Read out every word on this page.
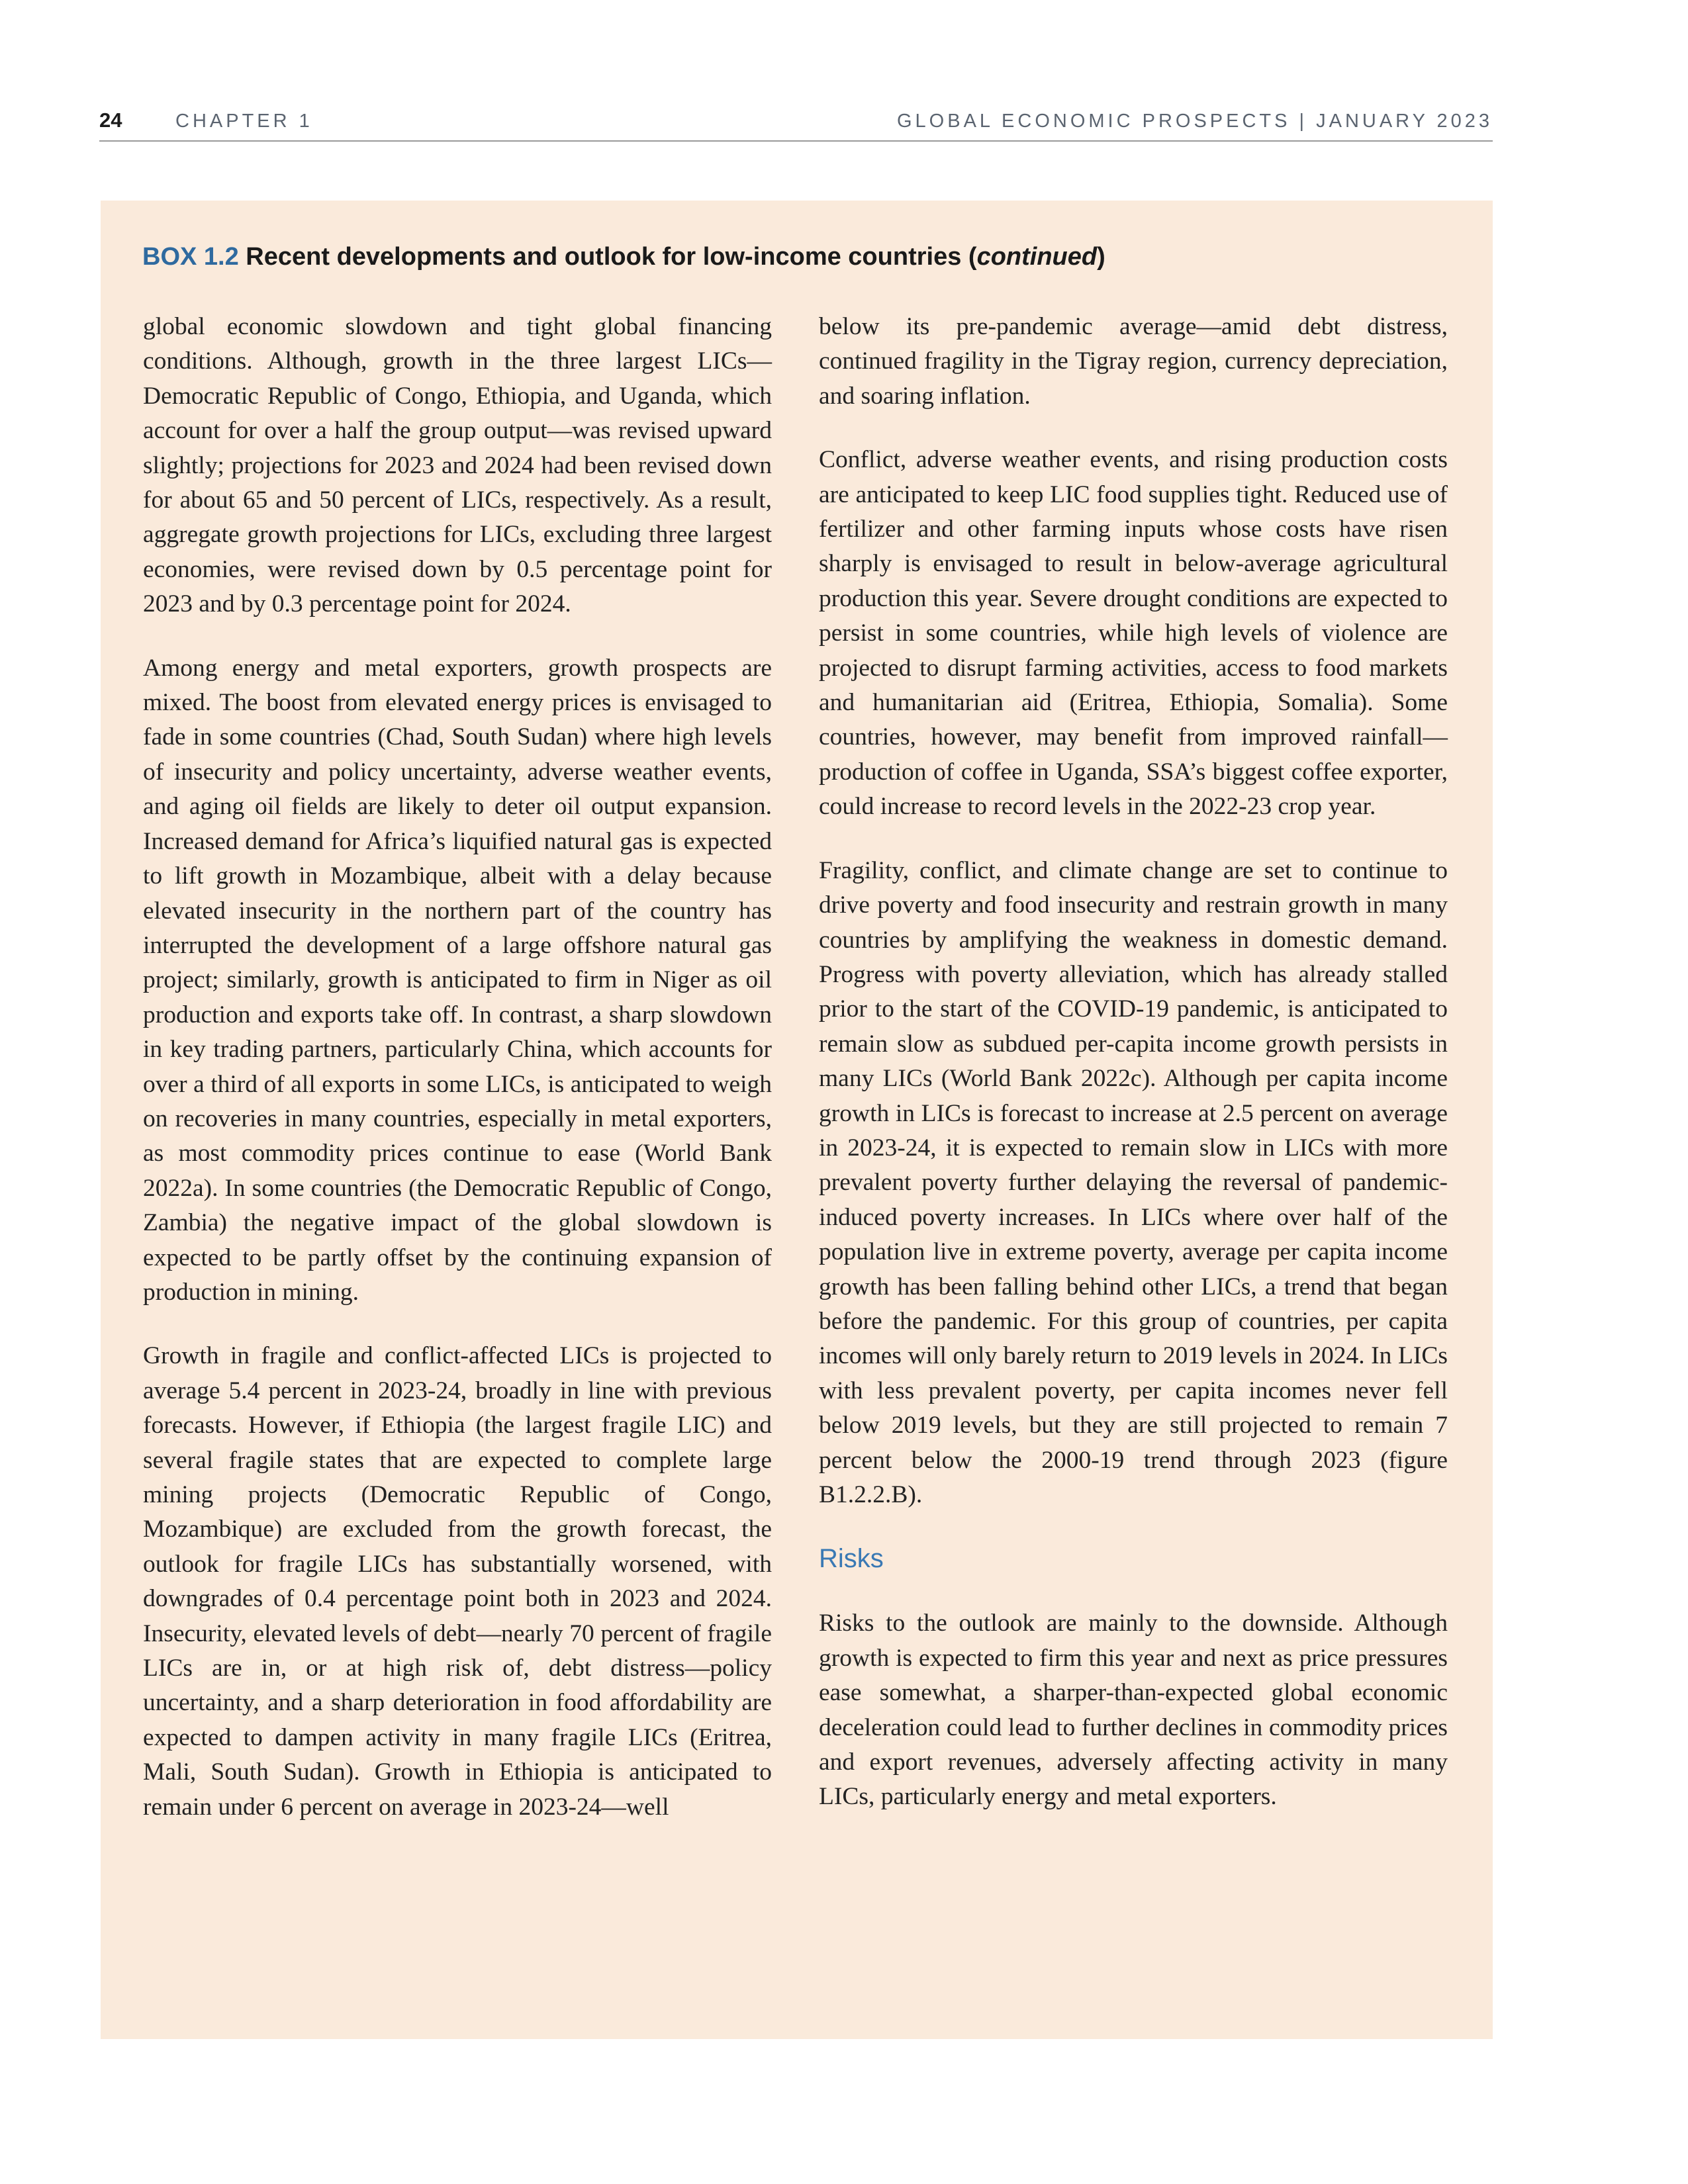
24	CHAPTER 1	GLOBAL ECONOMIC PROSPECTS | JANUARY 2023
BOX 1.2 Recent developments and outlook for low-income countries (continued)

global economic slowdown and tight global financing conditions. Although, growth in the three largest LICs—Democratic Republic of Congo, Ethiopia, and Uganda, which account for over a half the group output—was revised upward slightly; projections for 2023 and 2024 had been revised down for about 65 and 50 percent of LICs, respectively. As a result, aggregate growth projections for LICs, excluding three largest economies, were revised down by 0.5 percentage point for 2023 and by 0.3 percentage point for 2024.

Among energy and metal exporters, growth prospects are mixed. The boost from elevated energy prices is envisaged to fade in some countries (Chad, South Sudan) where high levels of insecurity and policy uncertainty, adverse weather events, and aging oil fields are likely to deter oil output expansion. Increased demand for Africa’s liquified natural gas is expected to lift growth in Mozambique, albeit with a delay because elevated insecurity in the northern part of the country has interrupted the development of a large offshore natural gas project; similarly, growth is anticipated to firm in Niger as oil production and exports take off. In contrast, a sharp slowdown in key trading partners, particularly China, which accounts for over a third of all exports in some LICs, is anticipated to weigh on recoveries in many countries, especially in metal exporters, as most commodity prices continue to ease (World Bank 2022a). In some countries (the Democratic Republic of Congo, Zambia) the negative impact of the global slowdown is expected to be partly offset by the continuing expansion of production in mining.

Growth in fragile and conflict-affected LICs is projected to average 5.4 percent in 2023-24, broadly in line with previous forecasts. However, if Ethiopia (the largest fragile LIC) and several fragile states that are expected to complete large mining projects (Democratic Republic of Congo, Mozambique) are excluded from the growth forecast, the outlook for fragile LICs has substantially worsened, with downgrades of 0.4 percentage point both in 2023 and 2024. Insecurity, elevated levels of debt—nearly 70 percent of fragile LICs are in, or at high risk of, debt distress—policy uncertainty, and a sharp deterioration in food affordability are expected to dampen activity in many fragile LICs (Eritrea, Mali, South Sudan). Growth in Ethiopia is anticipated to remain under 6 percent on average in 2023-24—well

below its pre-pandemic average—amid debt distress, continued fragility in the Tigray region, currency depreciation, and soaring inflation.

Conflict, adverse weather events, and rising production costs are anticipated to keep LIC food supplies tight. Reduced use of fertilizer and other farming inputs whose costs have risen sharply is envisaged to result in below-average agricultural production this year. Severe drought conditions are expected to persist in some countries, while high levels of violence are projected to disrupt farming activities, access to food markets and humanitarian aid (Eritrea, Ethiopia, Somalia). Some countries, however, may benefit from improved rainfall—production of coffee in Uganda, SSA’s biggest coffee exporter, could increase to record levels in the 2022-23 crop year.

Fragility, conflict, and climate change are set to continue to drive poverty and food insecurity and restrain growth in many countries by amplifying the weakness in domestic demand. Progress with poverty alleviation, which has already stalled prior to the start of the COVID-19 pandemic, is anticipated to remain slow as subdued per-capita income growth persists in many LICs (World Bank 2022c). Although per capita income growth in LICs is forecast to increase at 2.5 percent on average in 2023-24, it is expected to remain slow in LICs with more prevalent poverty further delaying the reversal of pandemic-induced poverty increases. In LICs where over half of the population live in extreme poverty, average per capita income growth has been falling behind other LICs, a trend that began before the pandemic. For this group of countries, per capita incomes will only barely return to 2019 levels in 2024. In LICs with less prevalent poverty, per capita incomes never fell below 2019 levels, but they are still projected to remain 7 percent below the 2000-19 trend through 2023 (figure B1.2.2.B).

Risks

Risks to the outlook are mainly to the downside. Although growth is expected to firm this year and next as price pressures ease somewhat, a sharper-than-expected global economic deceleration could lead to further declines in commodity prices and export revenues, adversely affecting activity in many LICs, particularly energy and metal exporters.
